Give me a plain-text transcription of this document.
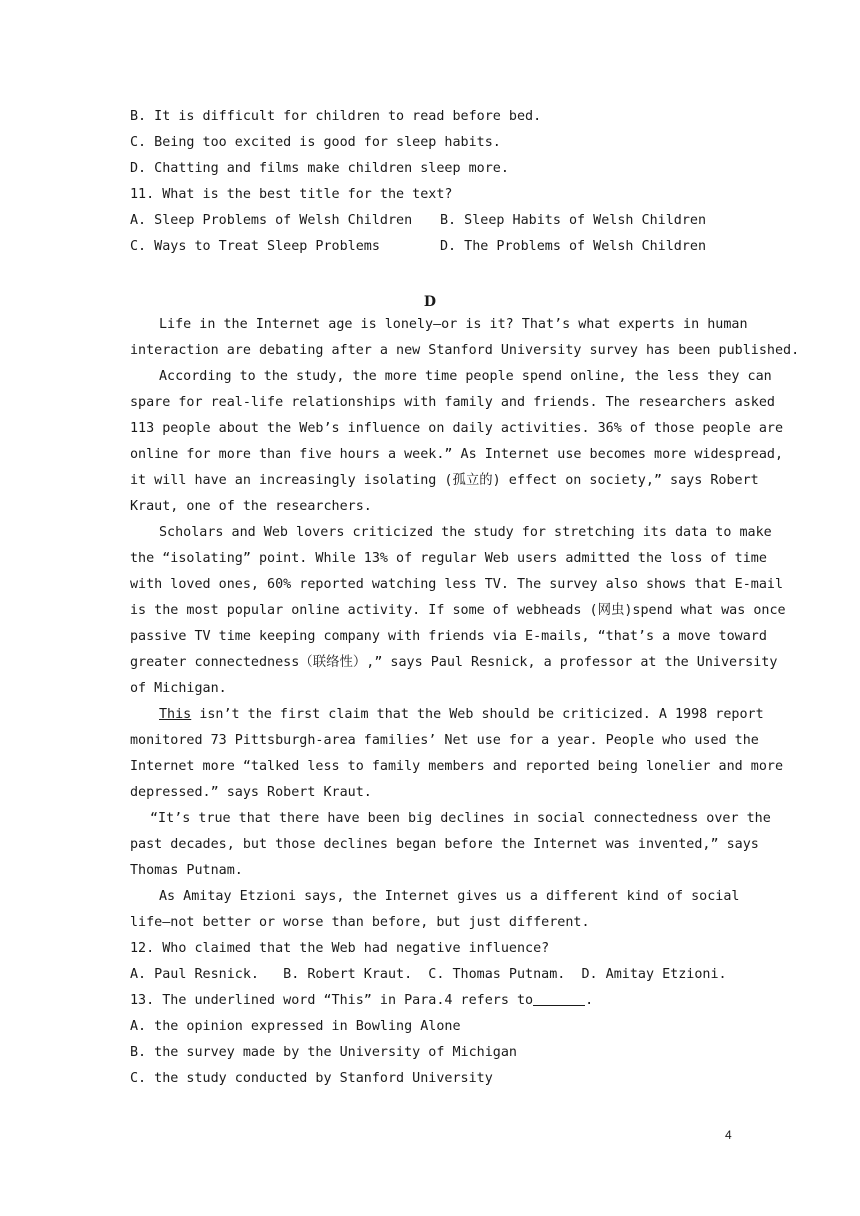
B. It is difficult for children to read before bed.
C. Being too excited is good for sleep habits.
D. Chatting and films make children sleep more.
11. What is the best title for the text?
A. Sleep Problems of Welsh Children	B. Sleep Habits of Welsh Children
C. Ways to Treat Sleep Problems	D. The Problems of Welsh Children
D
Life in the Internet age is lonely—or is it? That’s what experts in human
interaction are debating after a new Stanford University survey has been published.
According to the study, the more time people spend online, the less they can
spare for real-life relationships with family and friends. The researchers asked
113 people about the Web’s influence on daily activities. 36% of those people are
online for more than five hours a week.” As Internet use becomes more widespread,
it will have an increasingly isolating (孤立的) effect on society,” says Robert
Kraut, one of the researchers.
Scholars and Web lovers criticized the study for stretching its data to make
the “isolating” point. While 13% of regular Web users admitted the loss of time
with loved ones, 60% reported watching less TV. The survey also shows that E-mail
is the most popular online activity. If some of webheads (网虫)spend what was once
passive TV time keeping company with friends via E-mails, “that’s a move toward
greater connectedness（联络性）,” says Paul Resnick, a professor at the University
of Michigan.
This isn’t the first claim that the Web should be criticized. A 1998 report
monitored 73 Pittsburgh-area families’ Net use for a year. People who used the
Internet more “talked less to family members and reported being lonelier and more
depressed.” says Robert Kraut.
“It’s true that there have been big declines in social connectedness over the
past decades, but those declines began before the Internet was invented,” says
Thomas Putnam.
As Amitay Etzioni says, the Internet gives us a different kind of social
life—not better or worse than before, but just different.
12. Who claimed that the Web had negative influence?
A. Paul Resnick.   B. Robert Kraut.  C. Thomas Putnam.  D. Amitay Etzioni.
13. The underlined word “This” in Para.4 refers to	.
A. the opinion expressed in Bowling Alone
B. the survey made by the University of Michigan
C. the study conducted by Stanford University
4
